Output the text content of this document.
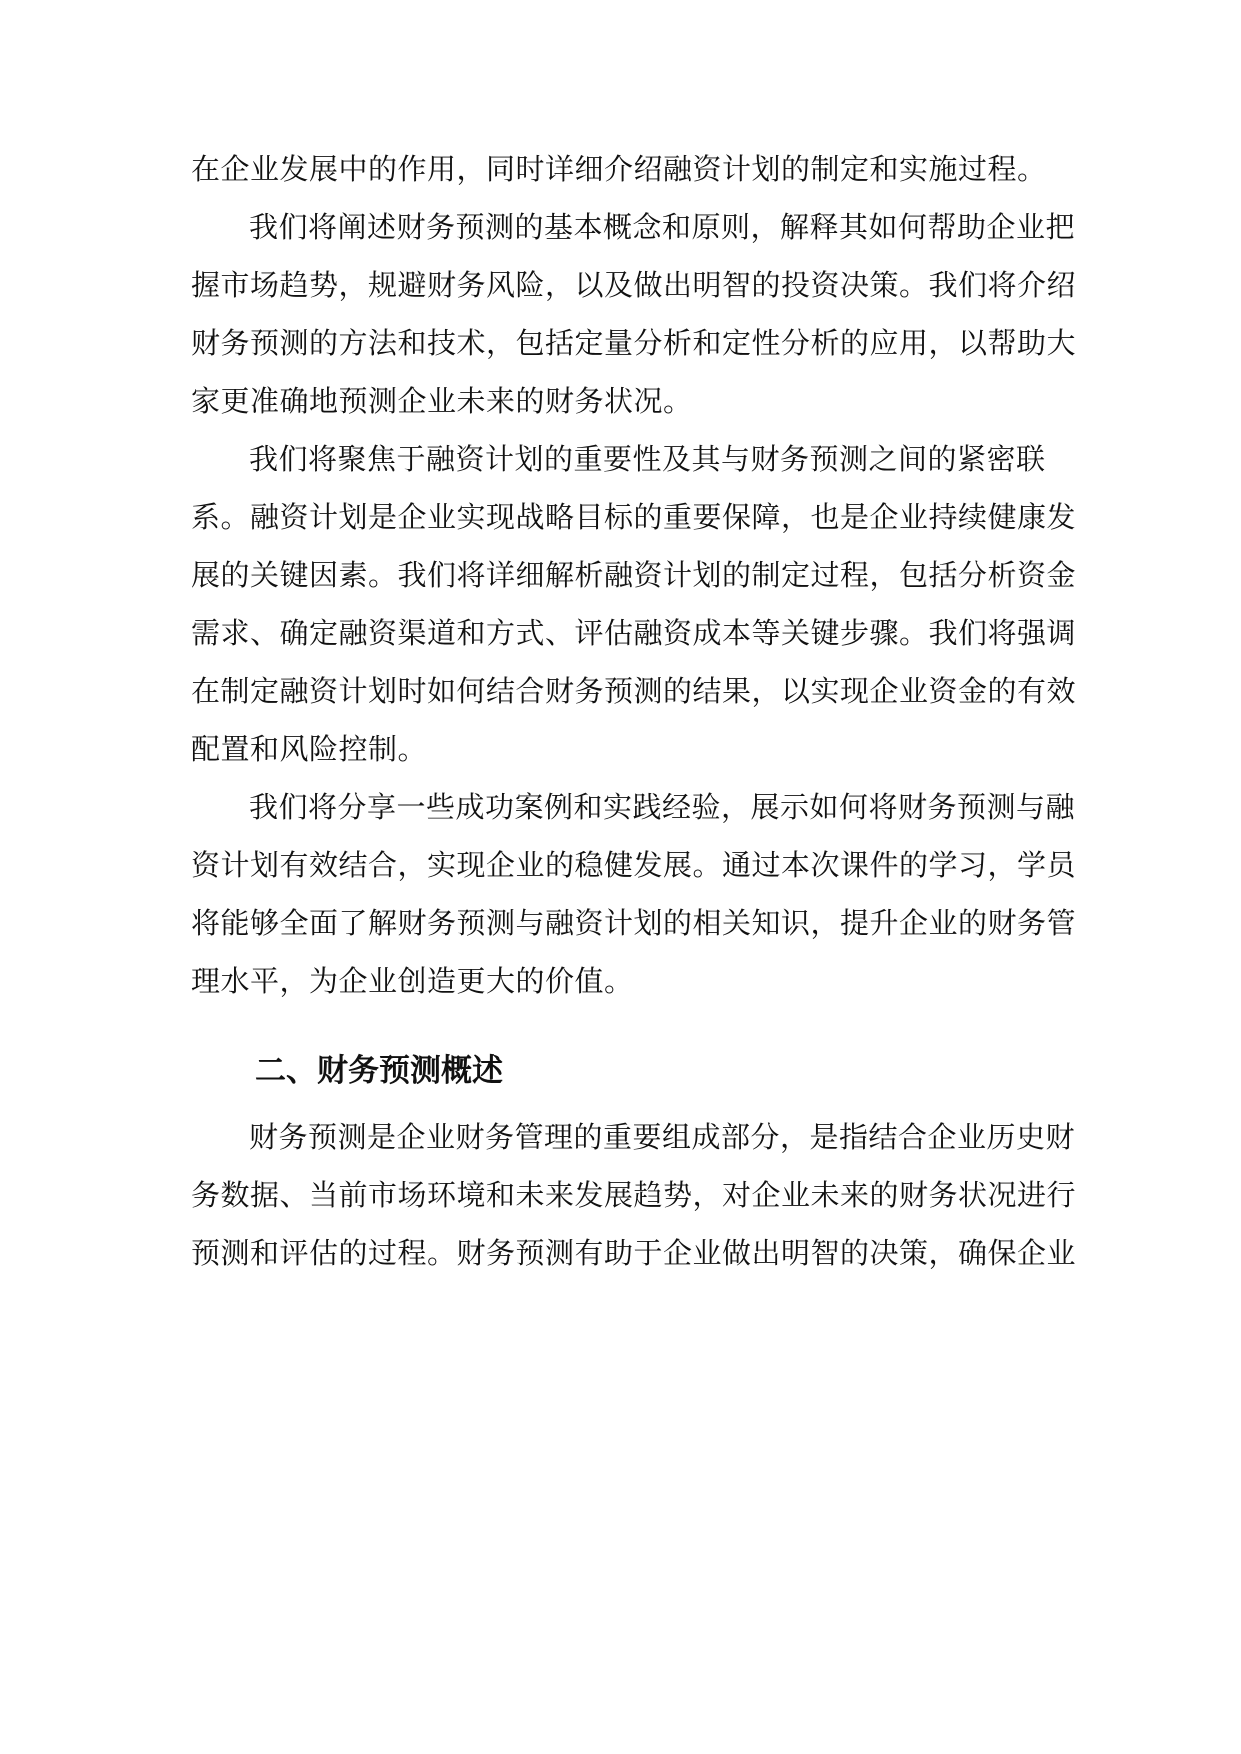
在企业发展中的作用，同时详细介绍融资计划的制定和实施过程。
我们将阐述财务预测的基本概念和原则，解释其如何帮助企业把
握市场趋势，规避财务风险，以及做出明智的投资决策。我们将介绍
财务预测的方法和技术，包括定量分析和定性分析的应用，以帮助大
家更准确地预测企业未来的财务状况。
我们将聚焦于融资计划的重要性及其与财务预测之间的紧密联
系。融资计划是企业实现战略目标的重要保障，也是企业持续健康发
展的关键因素。我们将详细解析融资计划的制定过程，包括分析资金
需求、确定融资渠道和方式、评估融资成本等关键步骤。我们将强调
在制定融资计划时如何结合财务预测的结果，以实现企业资金的有效
配置和风险控制。
我们将分享一些成功案例和实践经验，展示如何将财务预测与融
资计划有效结合，实现企业的稳健发展。通过本次课件的学习，学员
将能够全面了解财务预测与融资计划的相关知识，提升企业的财务管
理水平，为企业创造更大的价值。
二、财务预测概述
财务预测是企业财务管理的重要组成部分，是指结合企业历史财
务数据、当前市场环境和未来发展趋势，对企业未来的财务状况进行
预测和评估的过程。财务预测有助于企业做出明智的决策，确保企业
